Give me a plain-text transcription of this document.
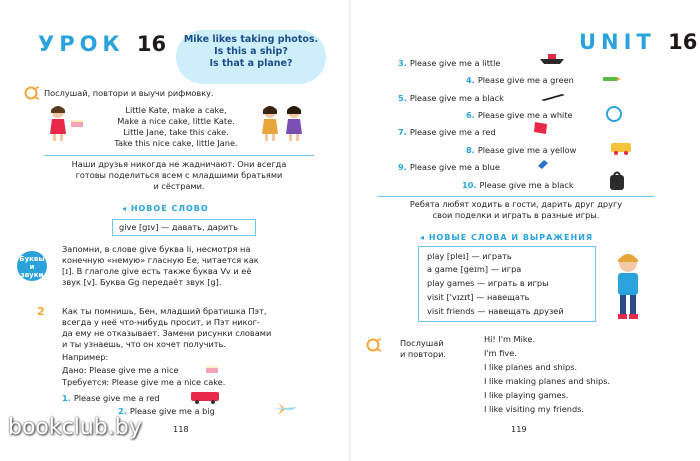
УРОК 16	Mike likes taking photos.
Is this a ship?
Is that a plane?
Послушай, повтори и выучи рифмовку.
Little Kate, make a cake,
Make a nice cake, little Kate.
Little Jane, take this cake.
Take this nice cake, little Jane.
Наши друзья никогда не жадничают. Они всегда
готовы поделиться всем с младшими братьями
и сёстрами.
◂ НОВОЕ СЛОВО
give [gɪv] — давать, дарить
Буквы и звуки
Запомни, в слове give буква Ii, несмотря на
конечную «немую» гласную Ee, читается как
[ɪ]. В глаголе give есть также буква Vv и её
звук [v]. Буква Gg передаёт звук [g].
2 Как ты помнишь, Бен, младший братишка Пэт,
всегда у неё что-нибудь просит, и Пэт никог-
да ему не отказывает. Замени рисунки словами
и ты узнаешь, что он хочет получить.
Например:
Дано: Please give me a nice
Требуется: Please give me a nice cake.
1. Please give me a red
2. Please give me a big
118
UNIT 16
3. Please give me a little
4. Please give me a green
5. Please give me a black
6. Please give me a white
7. Please give me a red
8. Please give me a yellow
9. Please give me a blue
10. Please give me a black
Ребята любят ходить в гости, дарить друг другу
свои поделки и играть в разные игры.
◂ НОВЫЕ СЛОВА И ВЫРАЖЕНИЯ
play [pleɪ] — играть
a game [geɪm] — игра
play games — играть в игры
visit ['vɪzɪt] — навещать
visit friends — навещать друзей
Послушай
и повтори.
Hi! I'm Mike.
I'm five.
I like planes and ships.
I like making planes and ships.
I like playing games.
I like visiting my friends.
119
bookclub.by
